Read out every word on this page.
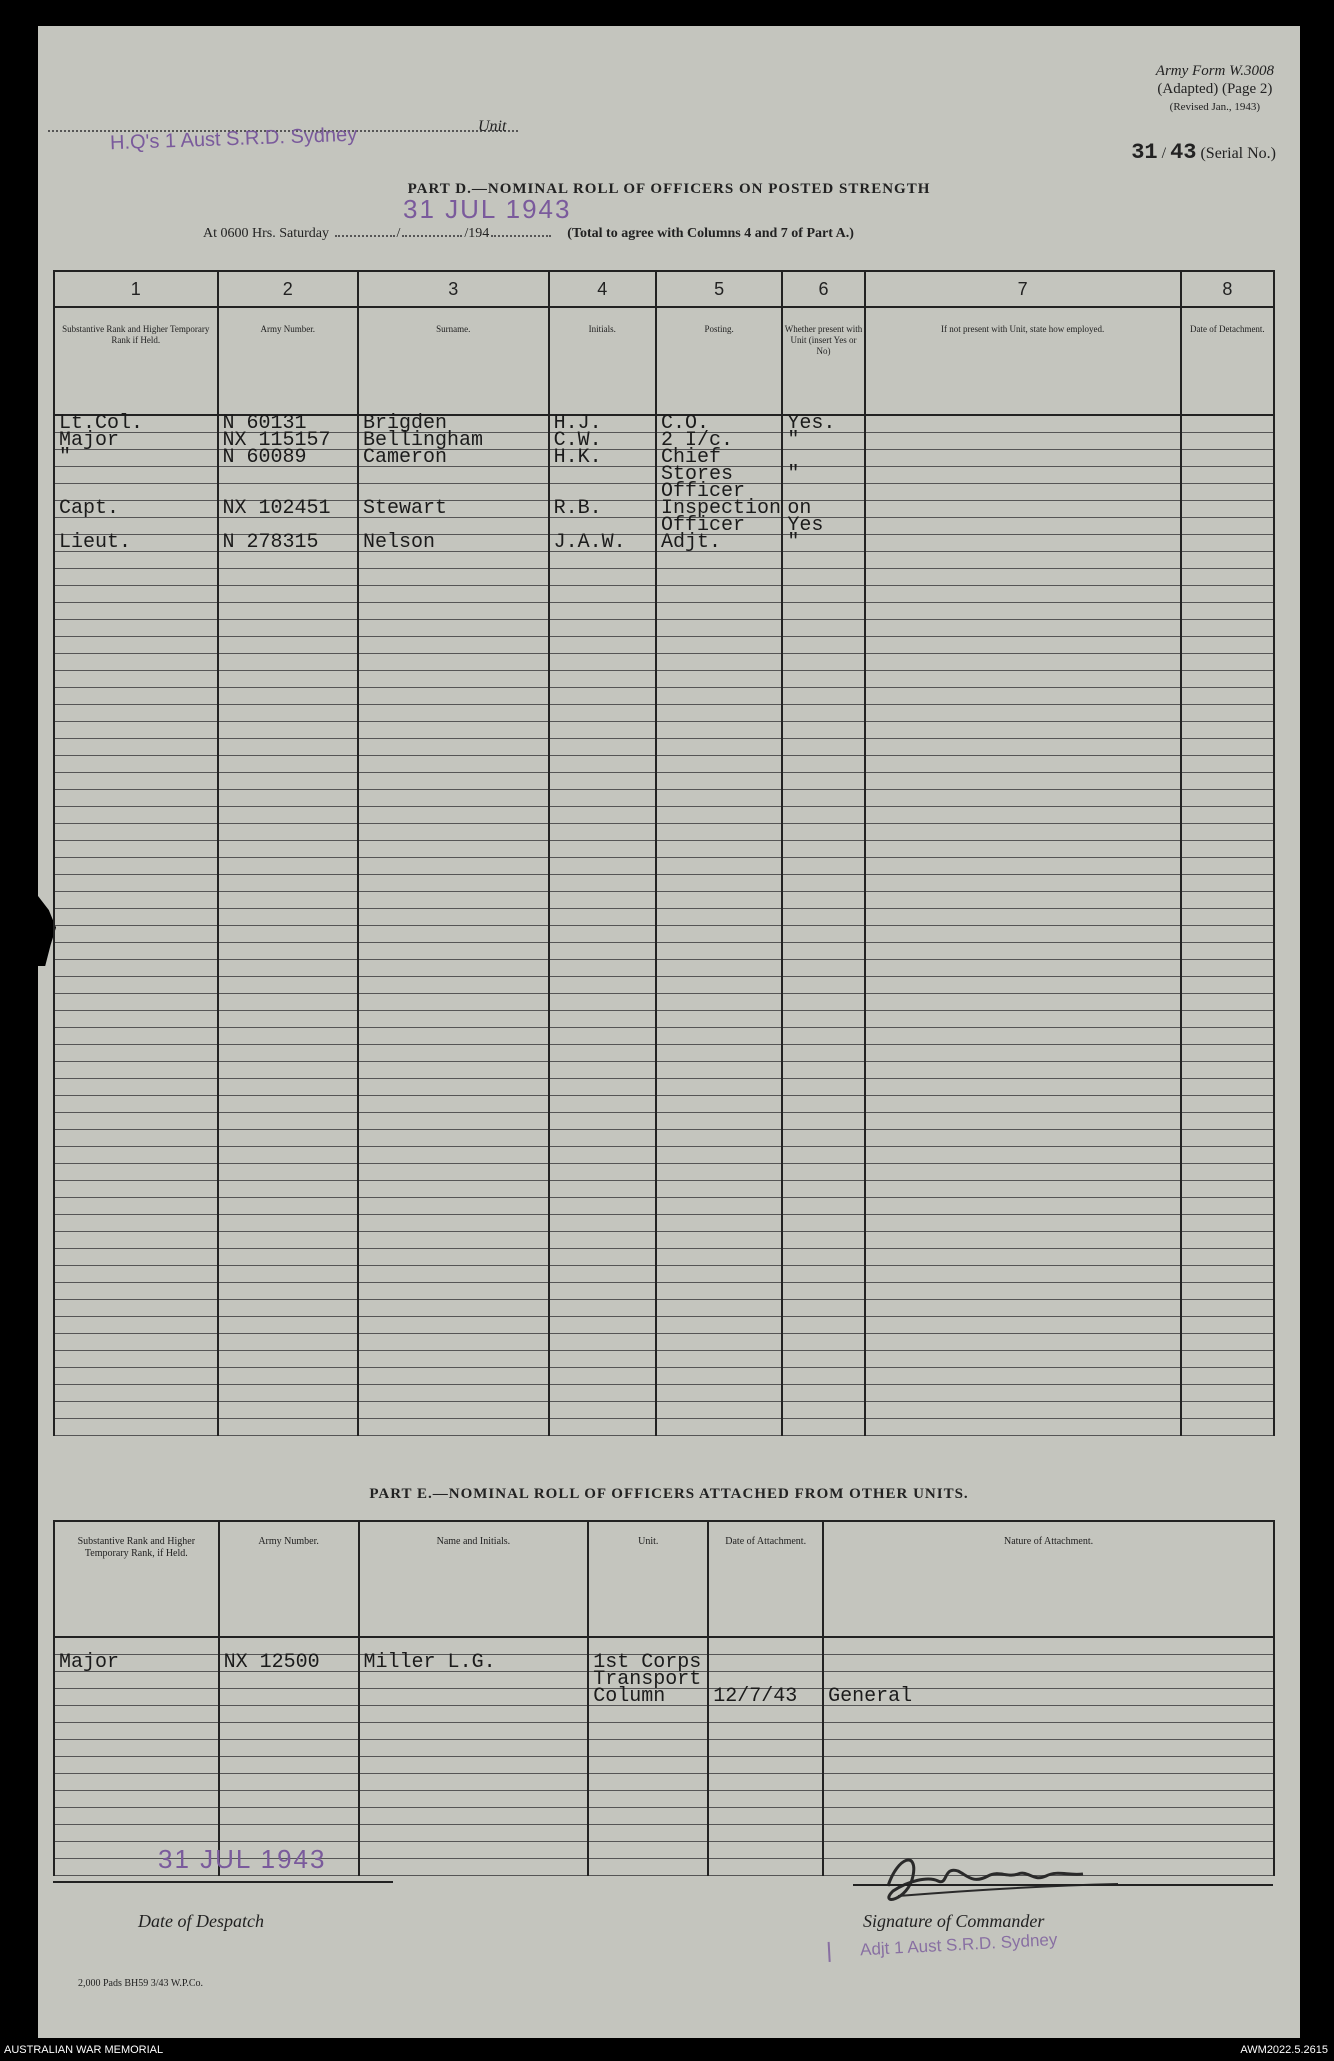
Army Form W.3008
(Adapted) (Page 2)
(Revised Jan., 1943)
31 / 43 (Serial No.)
Unit
H.Q's 1 Aust S.R.D. Sydney
PART D.—NOMINAL ROLL OF OFFICERS ON POSTED STRENGTH
31 JUL 1943
At 0600 Hrs. Saturday	/	/194	(Total to agree with Columns 4 and 7 of Part A.)
1	2	3	4	5	6	7	8
Substantive Rank and Higher Temporary Rank if Held.	Army Number.	Surname.	Initials.	Posting.	Whether present with Unit (insert Yes or No)	If not present with Unit, state how employed.	Date of Detachment.
Lt.Col.	N 60131	Brigden	H.J.	C.O.	Yes.		
Major	NX 115157	Bellingham	C.W.	2 I/c.	"		
"	N 60089	Cameron	H.K.	Chief			
				Stores	"		
				Officer			
Capt.	NX 102451	Stewart	R.B.	Inspection	on		
				Officer	Yes		
Lieut.	N 278315	Nelson	J.A.W.	Adjt.	"		

PART E.—NOMINAL ROLL OF OFFICERS ATTACHED FROM OTHER UNITS.
Substantive Rank and Higher Temporary Rank, if Held.	Army Number.	Name and Initials.	Unit.	Date of Attachment.	Nature of Attachment.

Major	NX 12500	Miller L.G.	1st Corps		
			Transport		
			Column	12/7/43	General

31 JUL 1943
Date of Despatch	Signature of Commander
Adjt 1 Aust S.R.D. Sydney
2,000 Pads BH59 3/43 W.P.Co.
AUSTRALIAN WAR MEMORIAL	AWM2022.5.2615
